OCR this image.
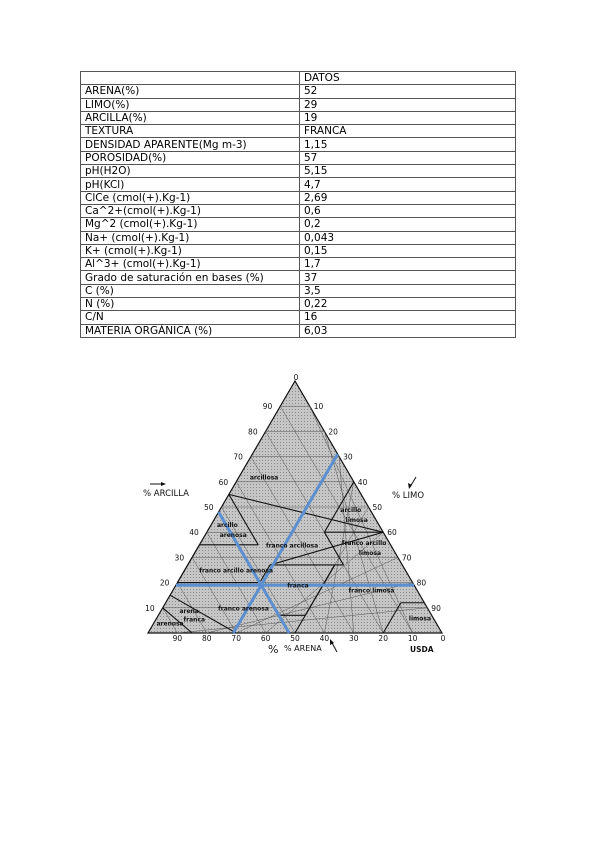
	DATOS
ARENA(%)	52
LIMO(%)	29
ARCILLA(%)	19
TEXTURA	FRANCA
DENSIDAD APARENTE(Mg m-3)	1,15
POROSIDAD(%)	57
pH(H2O)	5,15
pH(KCl)	4,7
ClCe (cmol(+).Kg-1)	2,69
Ca^2+(cmol(+).Kg-1)	0,6
Mg^2 (cmol(+).Kg-1)	0,2
Na+ (cmol(+).Kg-1)	0,043
K+ (cmol(+).Kg-1)	0,15
Al^3+ (cmol(+).Kg-1)	1,7
Grado de saturación en bases (%)	37
C (%)	3,5
N (%)	0,22
C/N	16
MATERIA ORGÁNICA (%)	6,03
10
10
10
20
20
20
30
30
30
40
40
40
50	50
50
60
60
60
70
70
70
80
80
80
90
90
90
0
0
arcillosa
arcillo
arenosa
arcillo
limosa
franco arcillosa	franco arcillo
limosa
franco arcillo arenosa
franca
franco limosa
franco arenosa
arena
franca
arenosa
limosa
% ARCILLA	% LIMO
% ARENA
%	USDA
